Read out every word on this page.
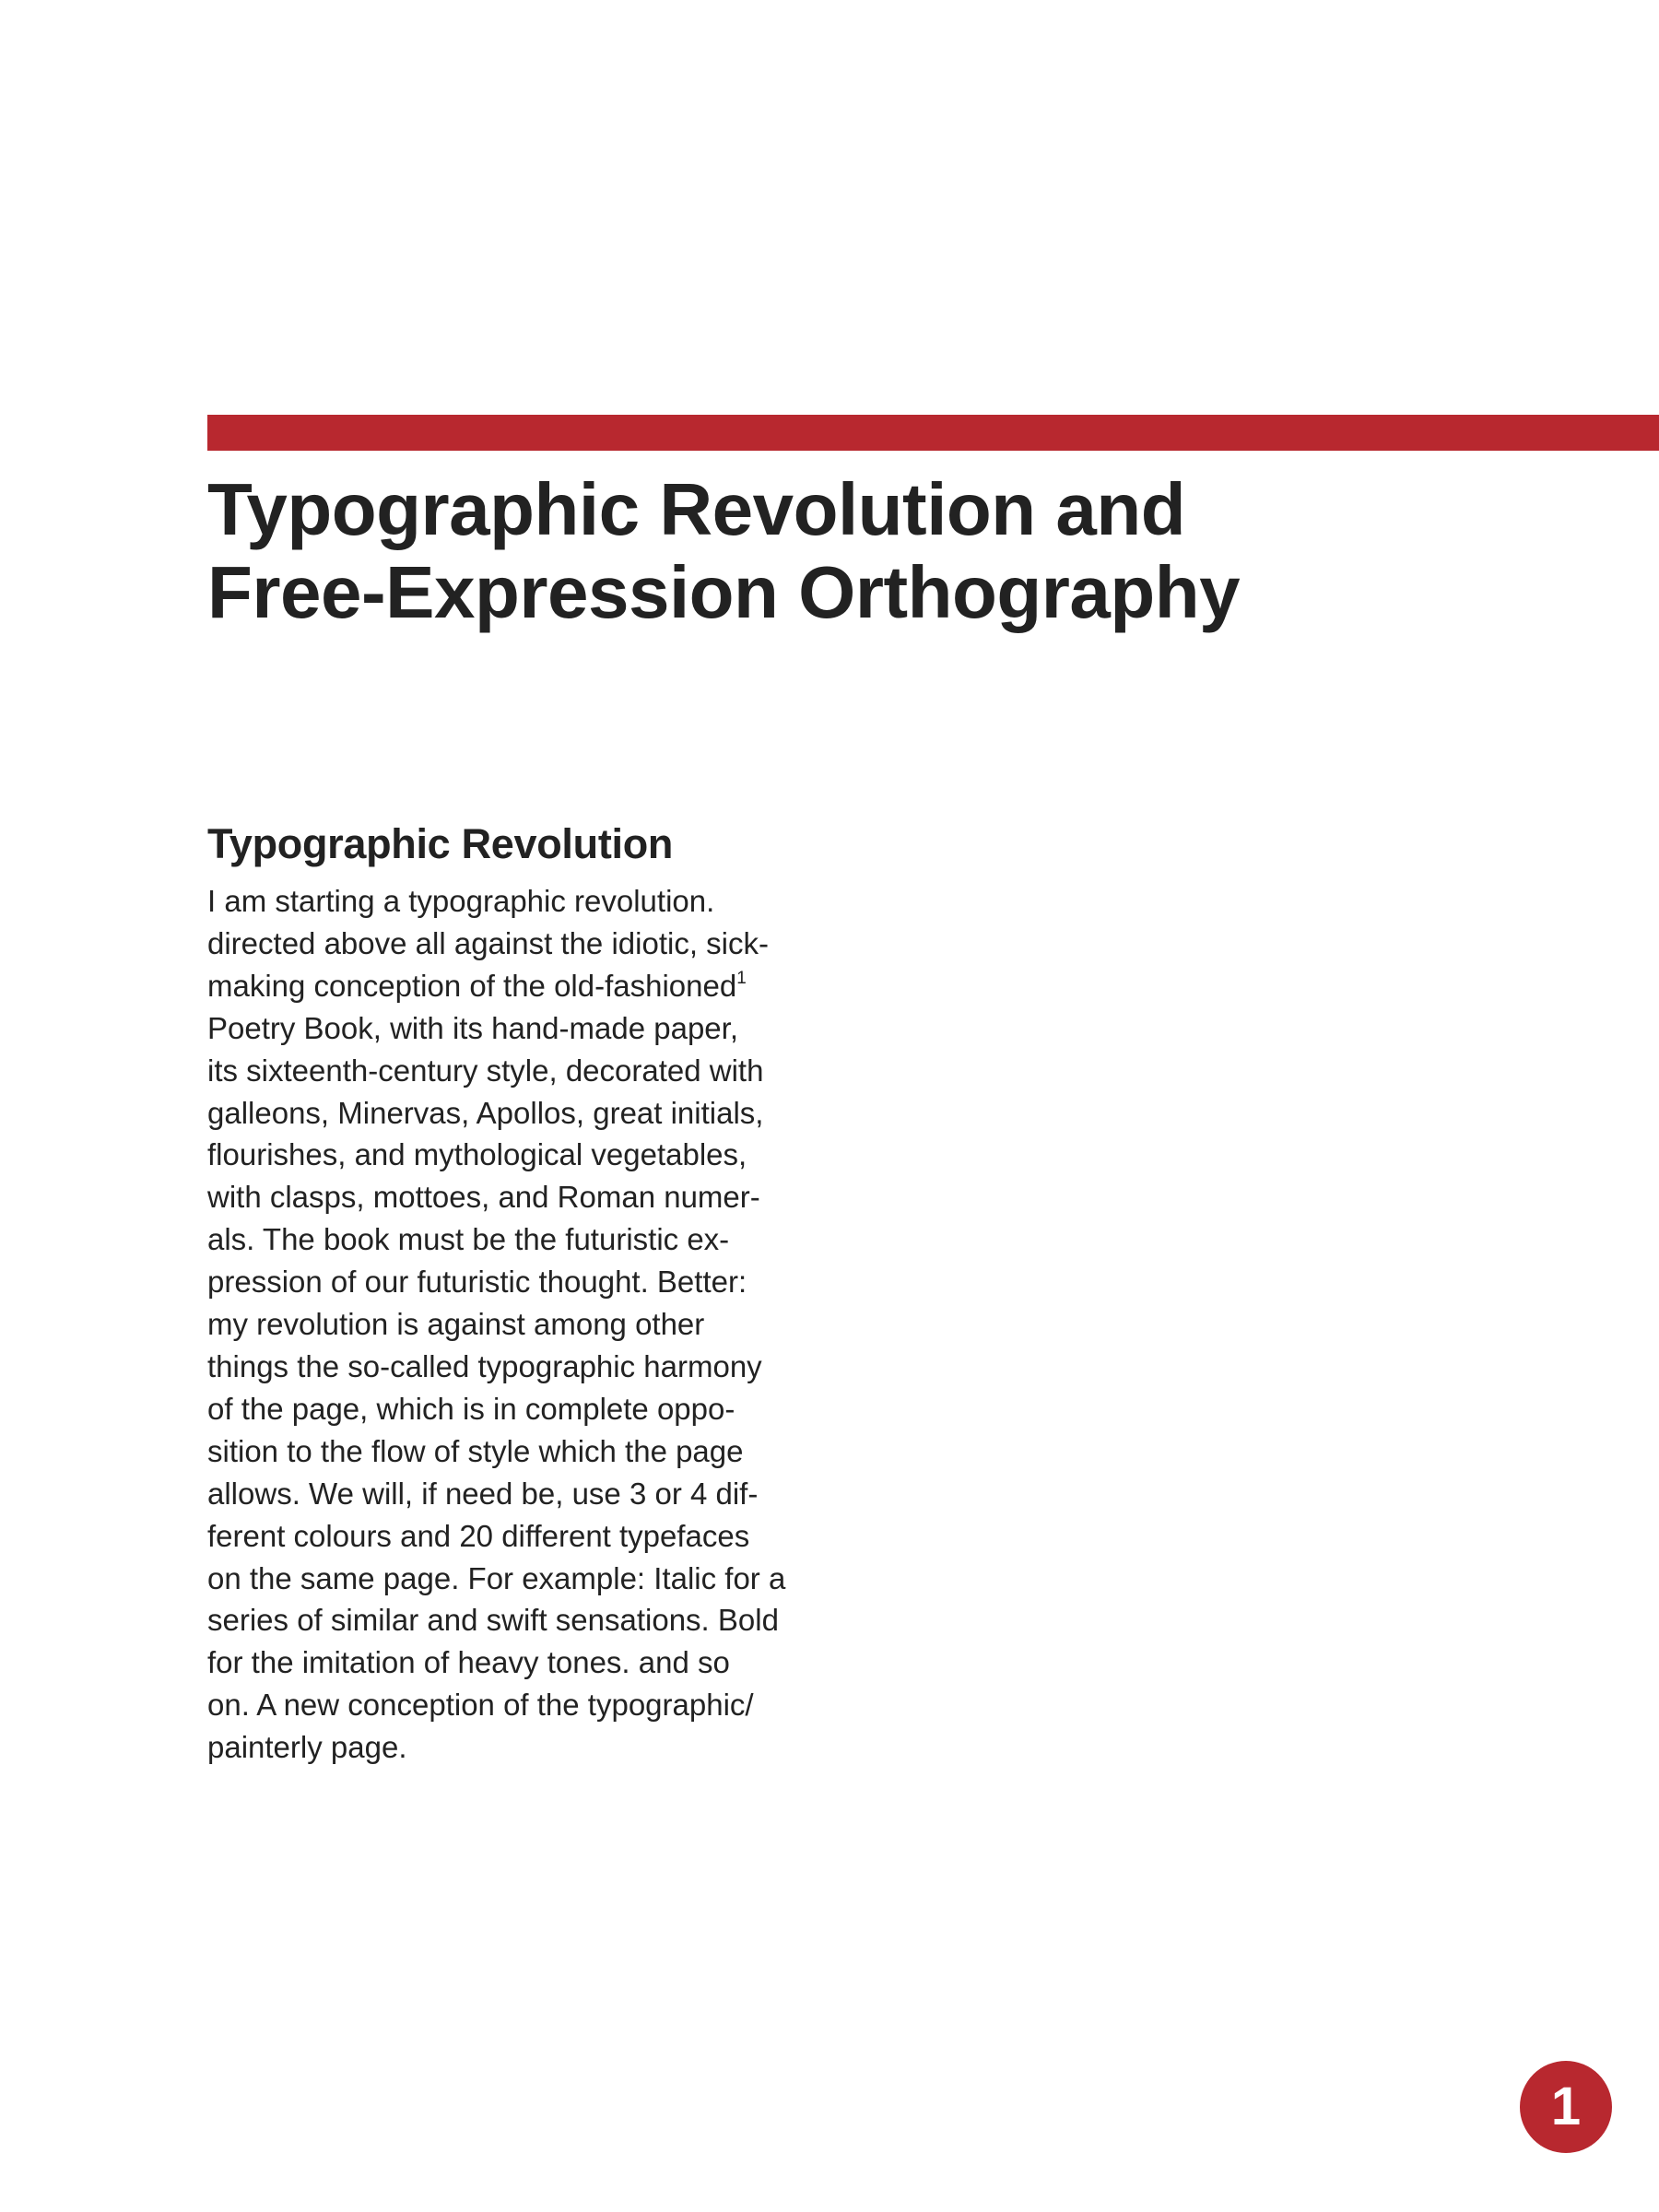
Typographic Revolution and
Free-Expression Orthography
Typographic Revolution
I am starting a typographic revolution.
directed above all against the idiotic, sick-
making conception of the old-fashioned$^1$
Poetry Book, with its hand-made paper,
its sixteenth-century style, decorated with
galleons, Minervas, Apollos, great initials,
flourishes, and mythological vegetables,
with clasps, mottoes, and Roman numer-
als. The book must be the futuristic ex-
pression of our futuristic thought. Better:
my revolution is against among other
things the so-called typographic harmony
of the page, which is in complete oppo-
sition to the flow of style which the page
allows. We will, if need be, use 3 or 4 dif-
ferent colours and 20 different typefaces
on the same page. For example: Italic for a
series of similar and swift sensations. Bold
for the imitation of heavy tones. and so
on. A new conception of the typographic/
painterly page.
1
